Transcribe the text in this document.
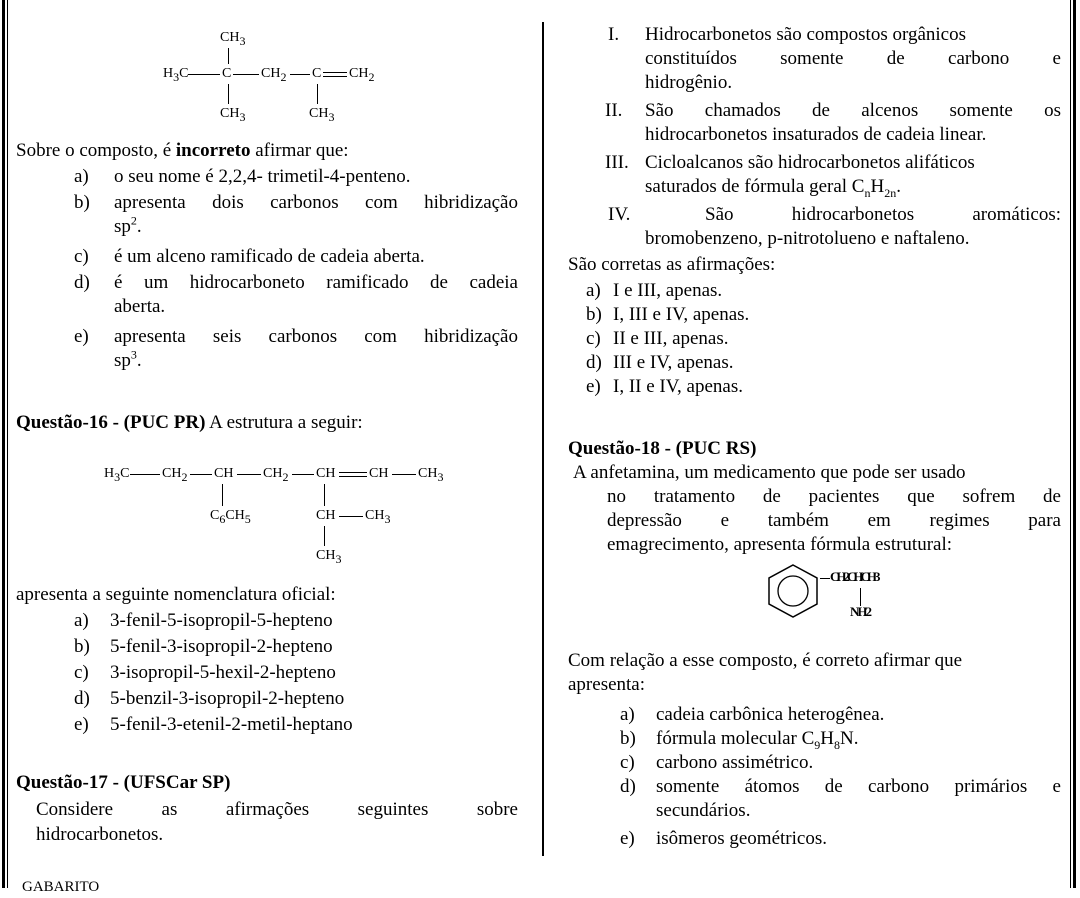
$CH_3$
$H_3C$ C $CH_2$ C $CH_2$
$CH_3$	$CH_3$
Sobre o composto, é incorreto afirmar que:
a) o seu nome é 2,2,4- trimetil-4-penteno.
b) apresenta dois carbonos com hibridização
$sp^2$.
c) é um alceno ramificado de cadeia aberta.
d) é um hidrocarboneto ramificado de cadeia
aberta.
e) apresenta seis carbonos com hibridização
$sp^3$.
Questão-16 - (PUC PR) A estrutura a seguir:
$H_3C$ $CH_2$ CH $CH_2$ CH CH $CH_3$
$C_6CH_5$	CH $CH_3$
$CH_3$
apresenta a seguinte nomenclatura oficial:
a) 3-fenil-5-isopropil-5-hepteno
b) 5-fenil-3-isopropil-2-hepteno
c) 3-isopropil-5-hexil-2-hepteno
d) 5-benzil-3-isopropil-2-hepteno
e) 5-fenil-3-etenil-2-metil-heptano
Questão-17 - (UFSCar SP)
Considere as afirmações seguintes sobre
hidrocarbonetos.
GABARITO
I. Hidrocarbonetos são compostos orgânicos
constituídos somente de carbono e
hidrogênio.
II. São chamados de alcenos somente os
hidrocarbonetos insaturados de cadeia linear.
III. Cicloalcanos são hidrocarbonetos alifáticos
saturados de fórmula geral $C_nH_{2n}$.
IV.	São hidrocarbonetos aromáticos:
bromobenzeno, p-nitrotolueno e naftaleno.
São corretas as afirmações:
a) I e III, apenas.
b) I, III e IV, apenas.
c) II e III, apenas.
d) III e IV, apenas.
e) I, II e IV, apenas.
Questão-18 - (PUC RS)
A anfetamina, um medicamento que pode ser usado
no tratamento de pacientes que sofrem de
depressão e também em regimes para
emagrecimento, apresenta fórmula estrutural:
CH2CHCH3
NH2
Com relação a esse composto, é correto afirmar que
apresenta:
a) cadeia carbônica heterogênea.
b) fórmula molecular $C_9H_8N$.
c) carbono assimétrico.
d) somente átomos de carbono primários e
secundários.
e) isômeros geométricos.
